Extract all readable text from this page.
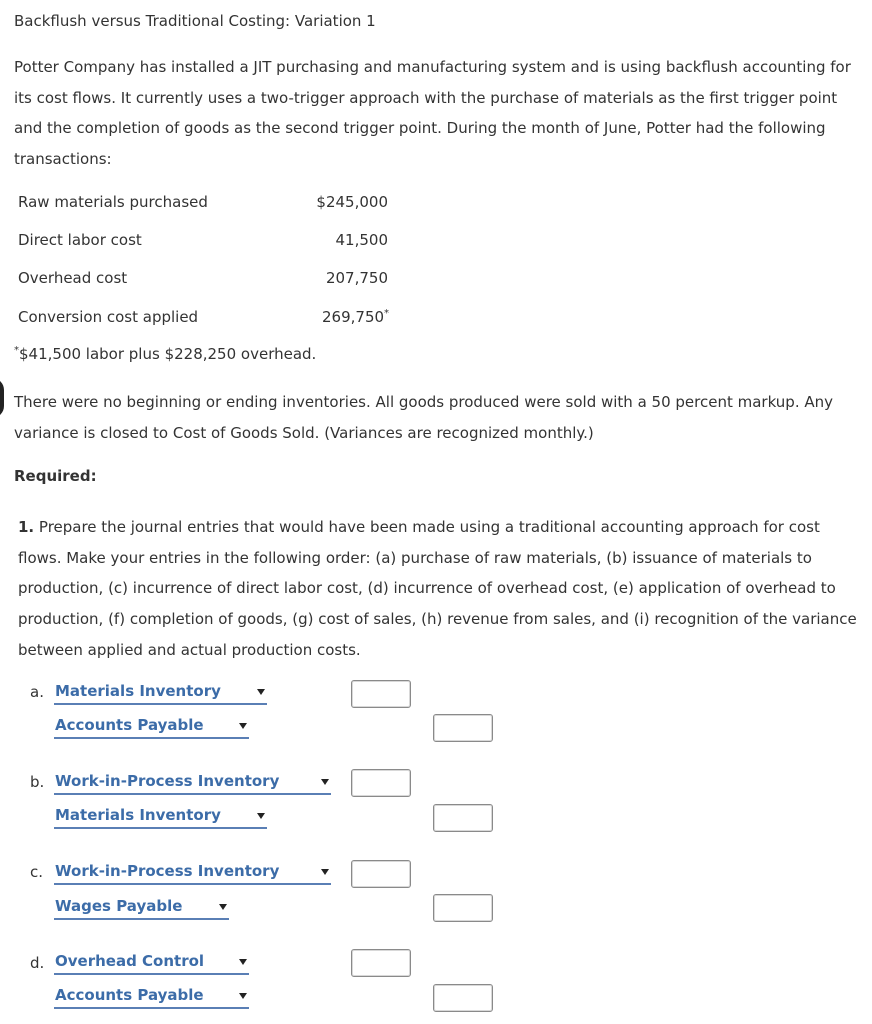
Backflush versus Traditional Costing: Variation 1
Potter Company has installed a JIT purchasing and manufacturing system and is using backflush accounting for its cost flows. It currently uses a two-trigger approach with the purchase of materials as the first trigger point and the completion of goods as the second trigger point. During the month of June, Potter had the following transactions:
Raw materials purchased	$245,000
Direct labor cost	41,500
Overhead cost	207,750
Conversion cost applied	269,750*
*$41,500 labor plus $228,250 overhead.
There were no beginning or ending inventories. All goods produced were sold with a 50 percent markup. Any variance is closed to Cost of Goods Sold. (Variances are recognized monthly.)
Required:
1. Prepare the journal entries that would have been made using a traditional accounting approach for cost flows. Make your entries in the following order: (a) purchase of raw materials, (b) issuance of materials to production, (c) incurrence of direct labor cost, (d) incurrence of overhead cost, (e) application of overhead to production, (f) completion of goods, (g) cost of sales, (h) revenue from sales, and (i) recognition of the variance between applied and actual production costs.
a. Materials Inventory
Accounts Payable
b. Work-in-Process Inventory
Materials Inventory
c. Work-in-Process Inventory
Wages Payable
d. Overhead Control
Accounts Payable
